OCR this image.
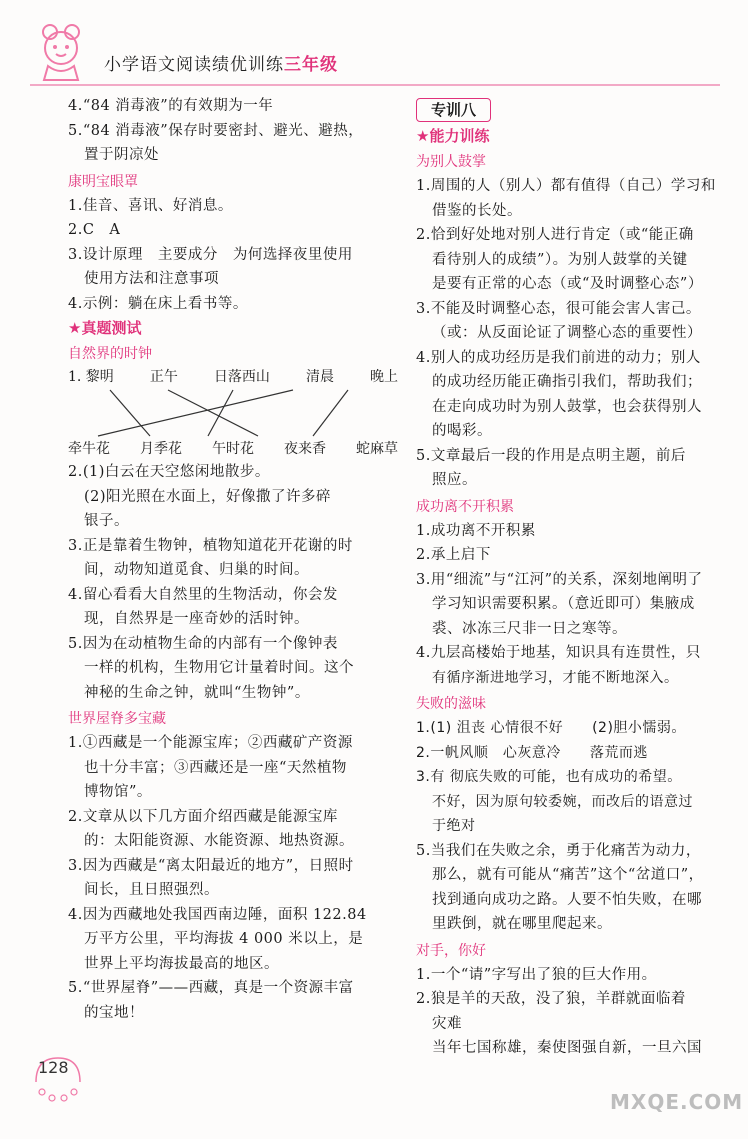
小学语文阅读绩优训练三年级
4.“84 消毒液”的有效期为一年
5.“84 消毒液”保存时要密封、避光、避热，
置于阴凉处
康明宝眼罩
1.佳音、喜讯、好消息。
2.C　A
3.设计原理　主要成分　为何选择夜里使用
使用方法和注意事项
4.示例：躺在床上看书等。
★真题测试
自然界的时钟
1. 黎明	正午	日落西山	清晨	晚上
牵牛花 月季花 午时花 夜来香 蛇麻草
2.(1)白云在天空悠闲地散步。
(2)阳光照在水面上，好像撒了许多碎
银子。
3.正是靠着生物钟，植物知道花开花谢的时
间，动物知道觅食、归巢的时间。
4.留心看看大自然里的生物活动，你会发
现，自然界是一座奇妙的活时钟。
5.因为在动植物生命的内部有一个像钟表
一样的机构，生物用它计量着时间。这个
神秘的生命之钟，就叫“生物钟”。
世界屋脊多宝藏
1.①西藏是一个能源宝库；②西藏矿产资源
也十分丰富；③西藏还是一座“天然植物
博物馆”。
2.文章从以下几方面介绍西藏是能源宝库
的：太阳能资源、水能资源、地热资源。
3.因为西藏是“离太阳最近的地方”，日照时
间长，且日照强烈。
4.因为西藏地处我国西南边陲，面积 122.84
万平方公里，平均海拔 4 000 米以上，是
世界上平均海拔最高的地区。
5.“世界屋脊”——西藏，真是一个资源丰富
的宝地！
专训八
★能力训练
为别人鼓掌
1.周围的人（别人）都有值得（自己）学习和
借鉴的长处。
2.恰到好处地对别人进行肯定（或“能正确
看待别人的成绩”）。为别人鼓掌的关键
是要有正常的心态（或“及时调整心态”）
3.不能及时调整心态，很可能会害人害己。
（或：从反面论证了调整心态的重要性）
4.别人的成功经历是我们前进的动力；别人
的成功经历能正确指引我们，帮助我们；
在走向成功时为别人鼓掌，也会获得别人
的喝彩。
5.文章最后一段的作用是点明主题，前后
照应。
成功离不开积累
1.成功离不开积累
2.承上启下
3.用“细流”与“江河”的关系，深刻地阐明了
学习知识需要积累。（意近即可）集腋成
裘、冰冻三尺非一日之寒等。
4.九层高楼始于地基，知识具有连贯性，只
有循序渐进地学习，才能不断地深入。
失败的滋味
1.(1) 沮丧 心情很不好　　(2)胆小懦弱。
2.一帆风顺　心灰意冷　　落荒而逃
3.有 彻底失败的可能，也有成功的希望。
不好，因为原句较委婉，而改后的语意过
于绝对
5.当我们在失败之余，勇于化痛苦为动力，
那么，就有可能从“痛苦”这个“岔道口”，
找到通向成功之路。人要不怕失败，在哪
里跌倒，就在哪里爬起来。
对手，你好
1.一个“请”字写出了狼的巨大作用。
2.狼是羊的天敌，没了狼，羊群就面临着
灾难
当年七国称雄，秦使图强自新，一旦六国
128
MXQE.COM
